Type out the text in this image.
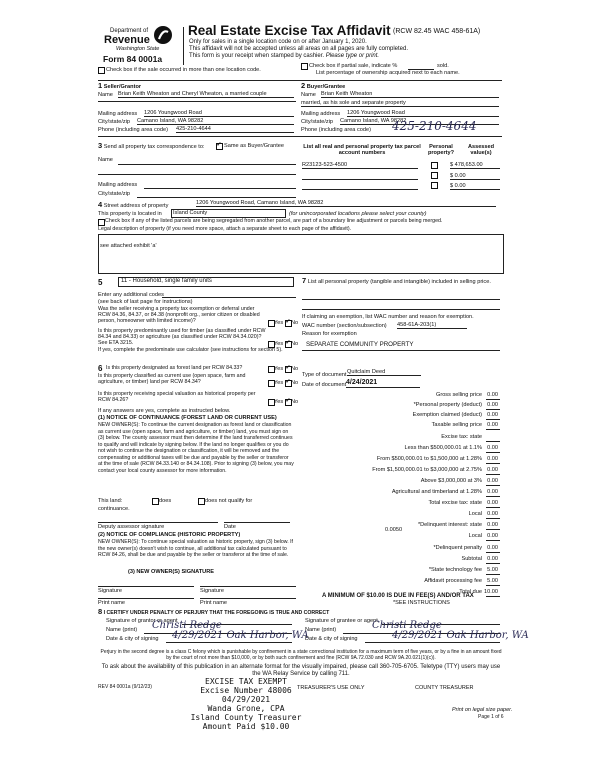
Department of
Revenue
Washington State
Form 84 0001a
Real Estate Excise Tax Affidavit (RCW 82.45 WAC 458-61A)
Only for sales in a single location code on or after January 1, 2020.
This affidavit will not be accepted unless all areas on all pages are fully completed.
This form is your receipt when stamped by cashier. Please type or print.
Check box if the sale occurred in more than one location code.
Check box if partial sale, indicate %	sold.
List percentage of ownership acquired next to each name.
1 Seller/Grantor
Name Brian Keith Wheaton and Cheryl Wheaton, a married couple
Mailing address 1206 Youngwood Road
City/state/zip Camano Island, WA 98282
Phone (including area code) 425-210-4644
2 Buyer/Grantee
Name Brian Keith Wheaton
married, as his sole and separate property
Mailing address 1206 Youngwood Road
City/state/zip Camano Island, WA 98282
Phone (including area code) 425-210-4644
3 Send all property tax correspondence to: ✓	Same as Buyer/Grantee
Name
Mailing address
City/state/zip
List all real and personal property tax parcel account numbers
Personal property?
Assessed value(s)
R23123-523-4500	$ 478,653.00
$ 0.00
$ 0.00
4 Street address of property	1206 Youngwood Road, Camano Island, WA 98282
This property is located in	Island County	(for unincorporated locations please select your county)
Check box if any of the listed parcels are being segregated from another parcel, are part of a boundary line adjustment or parcels being merged.
Legal description of property (if you need more space, attach a separate sheet to each page of the affidavit).
see attached exhibit 'a'
5	11 - Household, single family units
Enter any additional codes
(see back of last page for instructions)
Was the seller receiving a property tax exemption or deferral under RCW 84.36, 84.37, or 84.38 (nonprofit org., senior citizen or disabled person, homeowner with limited income)?	Yes ✓ No
Is this property predominantly used for timber (as classified under RCW 84.34 and 84.33) or agriculture (as classified under RCW 84.34.020)? See ETA 3215.	Yes ✓ No
If yes, complete the predominate use calculator (see instructions for section 5).
6 Is this property designated as forest land per RCW 84.33?	Yes ✓ No
Is this property classified as current use (open space, farm and agriculture, or timber) land per RCW 84.34?	Yes ✓ No
Is this property receiving special valuation as historical property per RCW 84.26?	Yes ✓ No
If any answers are yes, complete as instructed below.
(1) NOTICE OF CONTINUANCE (FOREST LAND OR CURRENT USE)
NEW OWNER(S): To continue the current designation as forest land or classification as current use (open space, farm and agriculture, or timber) land, you must sign on (3) below. The county assessor must then determine if the land transferred continues to qualify and will indicate by signing below. If the land no longer qualifies or you do not wish to continue the designation or classification, it will be removed and the compensating or additional taxes will be due and payable by the seller or transferor at the time of sale (RCW 84.33.140 or 84.34.108). Prior to signing (3) below, you may contact your local county assessor for more information.
This land:	does	does not qualify for
continuance.
Deputy assessor signature	Date
(2) NOTICE OF COMPLIANCE (HISTORIC PROPERTY)
NEW OWNER(S): To continue special valuation as historic property, sign (3) below. If the new owner(s) doesn't wish to continue, all additional tax calculated pursuant to RCW 84.26, shall be due and payable by the seller or transferor at the time of sale.
(3) NEW OWNER(S) SIGNATURE
Signature	Signature
Print name	Print name
7 List all personal property (tangible and intangible) included in selling price.
If claiming an exemption, list WAC number and reason for exemption.
WAC number (section/subsection) 458-61A-203(1)
Reason for exemption
SEPARATE COMMUNITY PROPERTY
Type of document Quitclaim Deed
Date of document 4/24/2021
Gross selling price 0.00
*Personal property (deduct) 0.00
Exemption claimed (deduct) 0.00
Taxable selling price 0.00
Excise tax: state
Less than $500,000.01 at 1.1% 0.00
From $500,000.01 to $1,500,000 at 1.28% 0.00
From $1,500,000.01 to $3,000,000 at 2.75% 0.00
Above $3,000,000 at 3% 0.00
Agricultural and timberland at 1.28% 0.00
Total excise tax: state 0.00
Local 0.00
*Delinquent interest: state 0.00
Local 0.00
*Delinquent penalty 0.00
Subtotal 0.00
*State technology fee 5.00
Affidavit processing fee 5.00
Total due 10.00
0.0050
A MINIMUM OF $10.00 IS DUE IN FEE(S) AND/OR TAX
*SEE INSTRUCTIONS
8 I CERTIFY UNDER PENALTY OF PERJURY THAT THE FOREGOING IS TRUE AND CORRECT
Signature of grantor or agent
Name (print) Christi Redge
Date & city of signing 4/29/2021 Oak Harbor, WA
Signature of grantee or agent
Name (print)	Christi Redge
Date & city of signing	4/29/2021 Oak Harbor, WA
Perjury in the second degree is a class C felony which is punishable by confinement in a state correctional institution for a maximum term of five years, or by a fine in an amount fixed by the court of not more than $10,000, or by both such confinement and fine (RCW 9A.72.030 and RCW 9A.20.021(1)(c)).
To ask about the availability of this publication in an alternate format for the visually impaired, please call 360-705-6705. Teletype (TTY) users may use the WA Relay Service by calling 711.
REV 84 0001a (9/12/23)	TREASURER'S USE ONLY	COUNTY TREASURER
Print on legal size paper.
Page 1 of 6
EXCISE TAX EXEMPT
Excise Number 48006
04/29/2021
Wanda Grone, CPA
Island County Treasurer
Amount Paid $10.00
